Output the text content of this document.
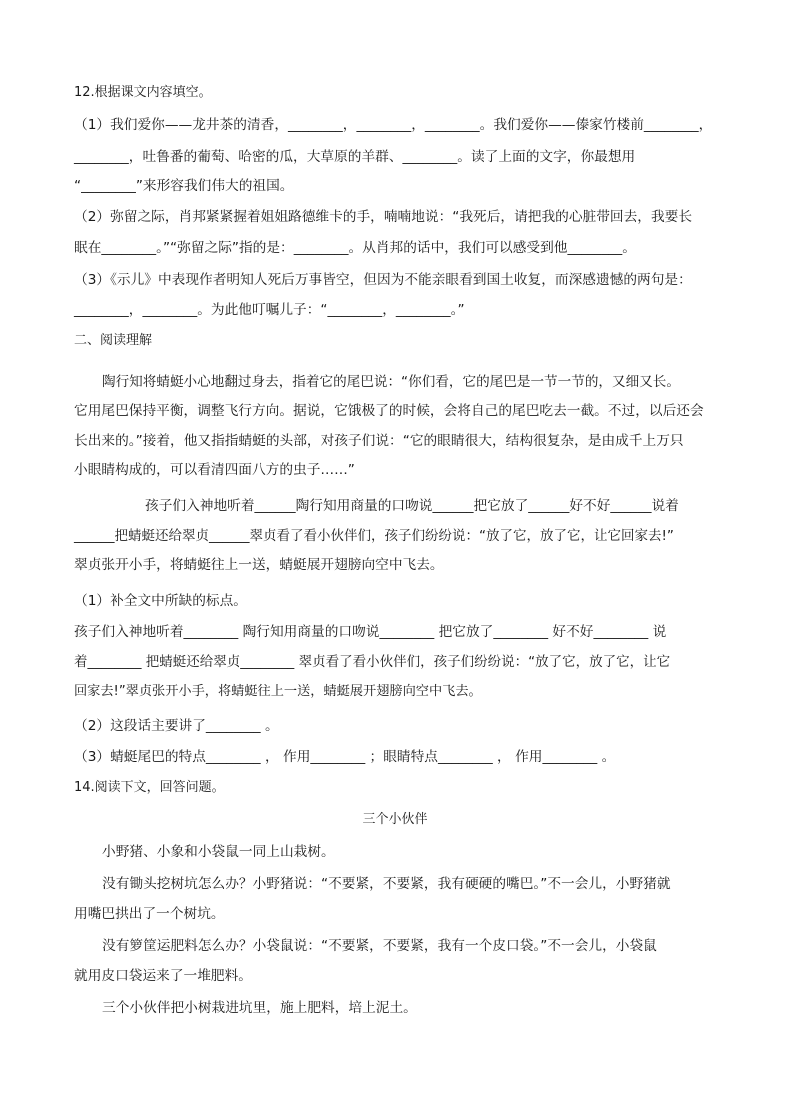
12.根据课文内容填空。
（1）我们爱你——龙井茶的清香，________，________，________。我们爱你——傣家竹楼前________，
________，吐鲁番的葡萄、哈密的瓜，大草原的羊群、________。读了上面的文字，你最想用
“________”来形容我们伟大的祖国。
（2）弥留之际，肖邦紧紧握着姐姐路德维卡的手，喃喃地说：“我死后，请把我的心脏带回去，我要长
眠在________。”“弥留之际”指的是：________。从肖邦的话中，我们可以感受到他________。
（3）《示儿》中表现作者明知人死后万事皆空，但因为不能亲眼看到国土收复，而深感遗憾的两句是：
________，________。为此他叮嘱儿子：“________，________。”
二、阅读理解
陶行知将蜻蜓小心地翻过身去，指着它的尾巴说：“你们看，它的尾巴是一节一节的，又细又长。
它用尾巴保持平衡，调整飞行方向。据说，它饿极了的时候，会将自己的尾巴吃去一截。不过，以后还会
长出来的。”接着，他又指指蜻蜓的头部，对孩子们说：“它的眼睛很大，结构很复杂，是由成千上万只
小眼睛构成的，可以看清四面八方的虫子……”
孩子们入神地听着______陶行知用商量的口吻说______把它放了______好不好______说着
______把蜻蜓还给翠贞______翠贞看了看小伙伴们，孩子们纷纷说：“放了它，放了它，让它回家去!”
翠贞张开小手，将蜻蜓往上一送，蜻蜓展开翅膀向空中飞去。
（1）补全文中所缺的标点。
孩子们入神地听着________ 陶行知用商量的口吻说________ 把它放了________ 好不好________ 说
着________ 把蜻蜓还给翠贞________ 翠贞看了看小伙伴们，孩子们纷纷说：“放了它，放了它，让它
回家去!”翠贞张开小手，将蜻蜓往上一送，蜻蜓展开翅膀向空中飞去。
（2）这段话主要讲了________ 。
（3）蜻蜓尾巴的特点________ ， 作用________ ；眼睛特点________ ， 作用________ 。
14.阅读下文，回答问题。
三个小伙伴
小野猪、小象和小袋鼠一同上山栽树。
没有锄头挖树坑怎么办？小野猪说：“不要紧，不要紧，我有硬硬的嘴巴。”不一会儿，小野猪就
用嘴巴拱出了一个树坑。
没有箩筐运肥料怎么办？小袋鼠说：“不要紧，不要紧，我有一个皮口袋。”不一会儿，小袋鼠
就用皮口袋运来了一堆肥料。
三个小伙伴把小树栽进坑里，施上肥料，培上泥土。
